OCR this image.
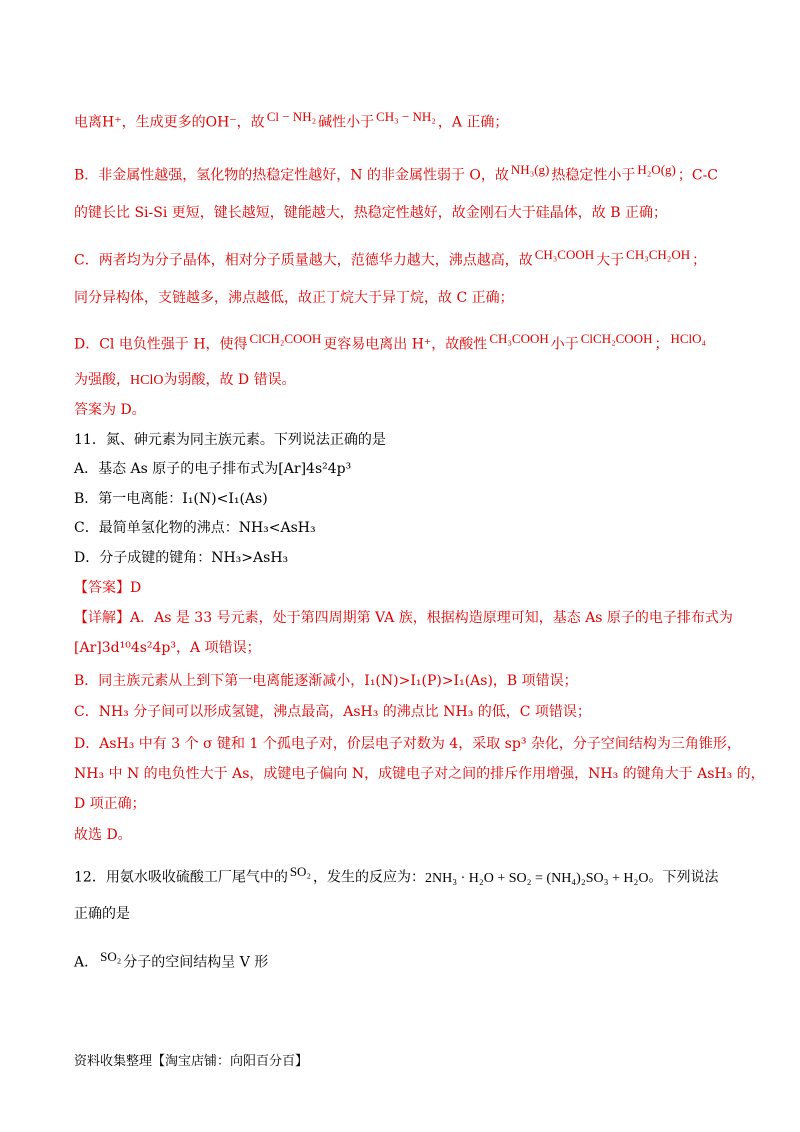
电离H⁺，生成更多的OH⁻，故 Cl − NH₂ 碱性小于 CH₃ − NH₂ ，A 正确；
B．非金属性越强，氢化物的热稳定性越好，N 的非金属性弱于 O，故 NH₃(g) 热稳定性小于 H₂O(g) ；C-C
的键长比 Si-Si 更短，键长越短，键能越大，热稳定性越好，故金刚石大于硅晶体，故 B 正确；
C．两者均为分子晶体，相对分子质量越大，范德华力越大，沸点越高，故 CH₃COOH 大于 CH₃CH₂OH ；
同分异构体，支链越多，沸点越低，故正丁烷大于异丁烷，故 C 正确；
D．Cl 电负性强于 H，使得 ClCH₂COOH 更容易电离出 H⁺，故酸性 CH₃COOH 小于 ClCH₂COOH ； HClO₄
为强酸，HClO为弱酸，故 D 错误。
答案为 D。
11．氮、砷元素为同主族元素。下列说法正确的是
A．基态 As 原子的电子排布式为[Ar]4s²4p³
B．第一电离能：I₁(N)<I₁(As)
C．最简单氢化物的沸点：NH₃<AsH₃
D．分子成键的键角：NH₃>AsH₃
【答案】D
【详解】A．As 是 33 号元素，处于第四周期第 VA 族，根据构造原理可知，基态 As 原子的电子排布式为
[Ar]3d¹⁰4s²4p³，A 项错误；
B．同主族元素从上到下第一电离能逐渐减小，I₁(N)>I₁(P)>I₁(As)，B 项错误；
C．NH₃ 分子间可以形成氢键，沸点最高，AsH₃ 的沸点比 NH₃ 的低，C 项错误；
D．AsH₃ 中有 3 个 σ 键和 1 个孤电子对，价层电子对数为 4，采取 sp³ 杂化，分子空间结构为三角锥形，
NH₃ 中 N 的电负性大于 As，成键电子偏向 N，成键电子对之间的排斥作用增强，NH₃ 的键角大于 AsH₃ 的，
D 项正确；
故选 D。
12．用氨水吸收硫酸工厂尾气中的 SO₂ ，发生的反应为：2NH₃ · H₂O + SO₂ = (NH₄)₂SO₃ + H₂O。下列说法
正确的是
A． SO₂ 分子的空间结构呈 V 形
资料收集整理【淘宝店铺：向阳百分百】
